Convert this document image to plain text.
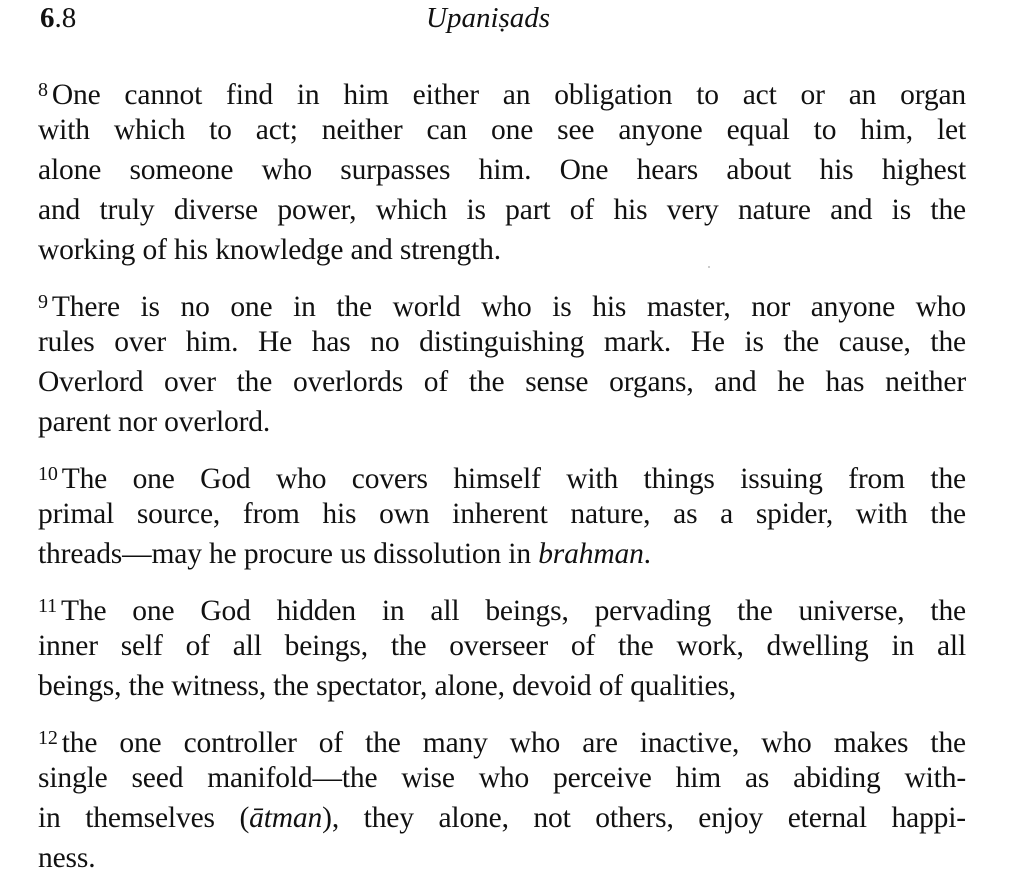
6.8	Upaniṣads
$^8$ One cannot find in him either an obligation to act or an organ
with which to act; neither can one see anyone equal to him, let
alone someone who surpasses him. One hears about his highest
and truly diverse power, which is part of his very nature and is the
working of his knowledge and strength.
$^9$ There is no one in the world who is his master, nor anyone who
rules over him. He has no distinguishing mark. He is the cause, the
Overlord over the overlords of the sense organs, and he has neither
parent nor overlord.
$^{10}$ The one God who covers himself with things issuing from the
primal source, from his own inherent nature, as a spider, with the
threads—may he procure us dissolution in brahman.
$^{11}$ The one God hidden in all beings, pervading the universe, the
inner self of all beings, the overseer of the work, dwelling in all
beings, the witness, the spectator, alone, devoid of qualities,
$^{12}$ the one controller of the many who are inactive, who makes the
single seed manifold—the wise who perceive him as abiding with-
in themselves (ātman), they alone, not others, enjoy eternal happi-
ness.
